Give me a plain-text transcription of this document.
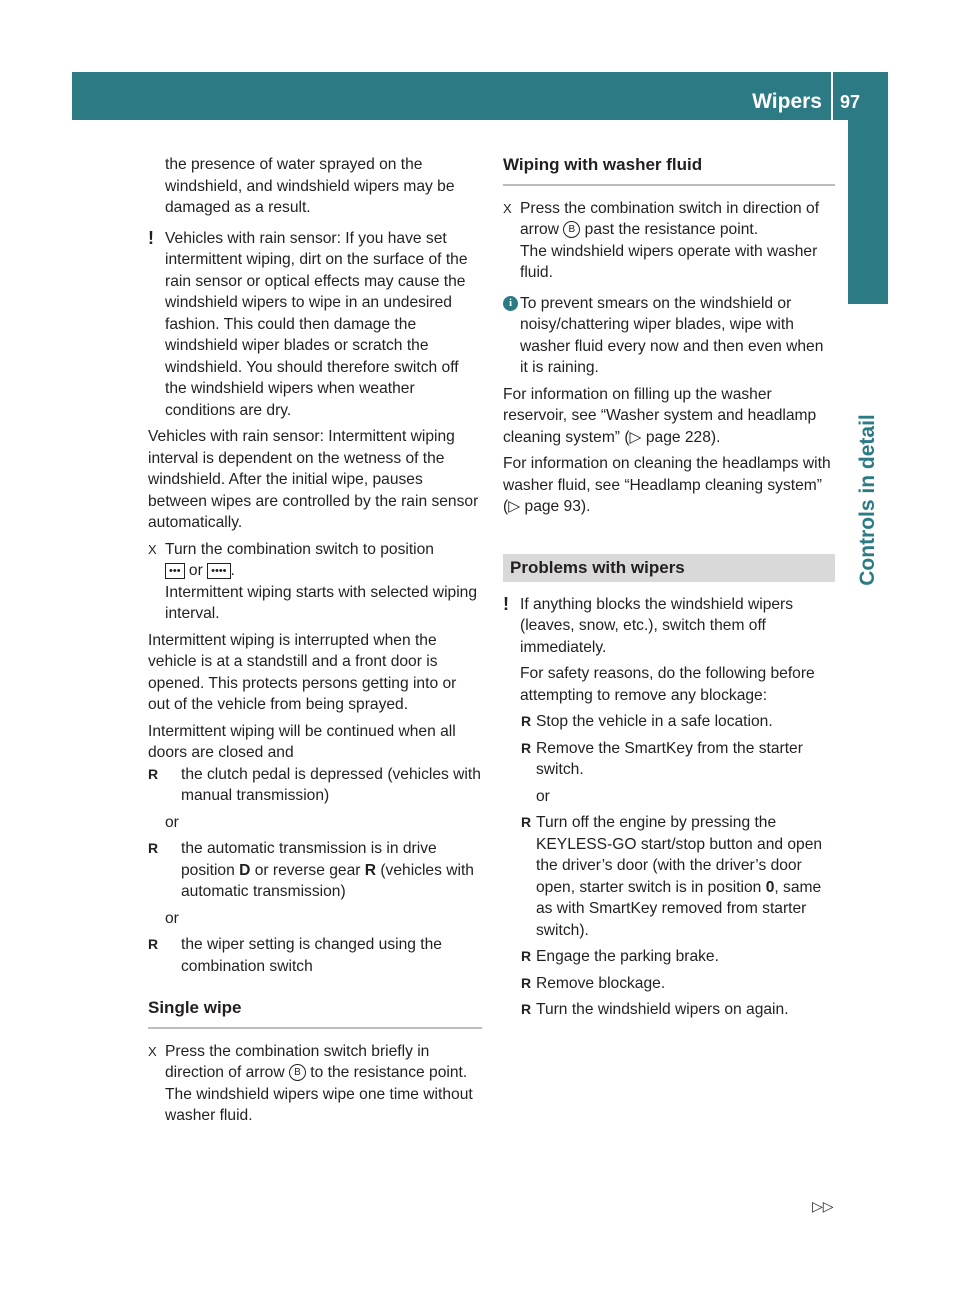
Wipers 97
Controls in detail

the presence of water sprayed on the windshield, and windshield wipers may be damaged as a result.

! Vehicles with rain sensor: If you have set intermittent wiping, dirt on the surface of the rain sensor or optical effects may cause the windshield wipers to wipe in an undesired fashion. This could then damage the windshield wiper blades or scratch the windshield. You should therefore switch off the windshield wipers when weather conditions are dry.

Vehicles with rain sensor: Intermittent wiping interval is dependent on the wetness of the windshield. After the initial wipe, pauses between wipes are controlled by the rain sensor automatically.

X Turn the combination switch to position
••• or •••• .
Intermittent wiping starts with selected wiping interval.

Intermittent wiping is interrupted when the vehicle is at a standstill and a front door is opened. This protects persons getting into or out of the vehicle from being sprayed.

Intermittent wiping will be continued when all doors are closed and

R the clutch pedal is depressed (vehicles with manual transmission)

or

R the automatic transmission is in drive position D or reverse gear R (vehicles with automatic transmission)

or

R the wiper setting is changed using the combination switch

Single wipe

X Press the combination switch briefly in direction of arrow B to the resistance point.
The windshield wipers wipe one time without washer fluid.

Wiping with washer fluid

X Press the combination switch in direction of arrow B past the resistance point.
The windshield wipers operate with washer fluid.

i To prevent smears on the windshield or noisy/chattering wiper blades, wipe with washer fluid every now and then even when it is raining.

For information on filling up the washer reservoir, see “Washer system and headlamp cleaning system” (▷ page 228).

For information on cleaning the headlamps with washer fluid, see “Headlamp cleaning system” (▷ page 93).

Problems with wipers

! If anything blocks the windshield wipers (leaves, snow, etc.), switch them off immediately.

For safety reasons, do the following before attempting to remove any blockage:

R Stop the vehicle in a safe location.

R Remove the SmartKey from the starter switch.

or

R Turn off the engine by pressing the KEYLESS-GO start/stop button and open the driver’s door (with the driver’s door open, starter switch is in position 0, same as with SmartKey removed from starter switch).

R Engage the parking brake.

R Remove blockage.

R Turn the windshield wipers on again.

▷▷
